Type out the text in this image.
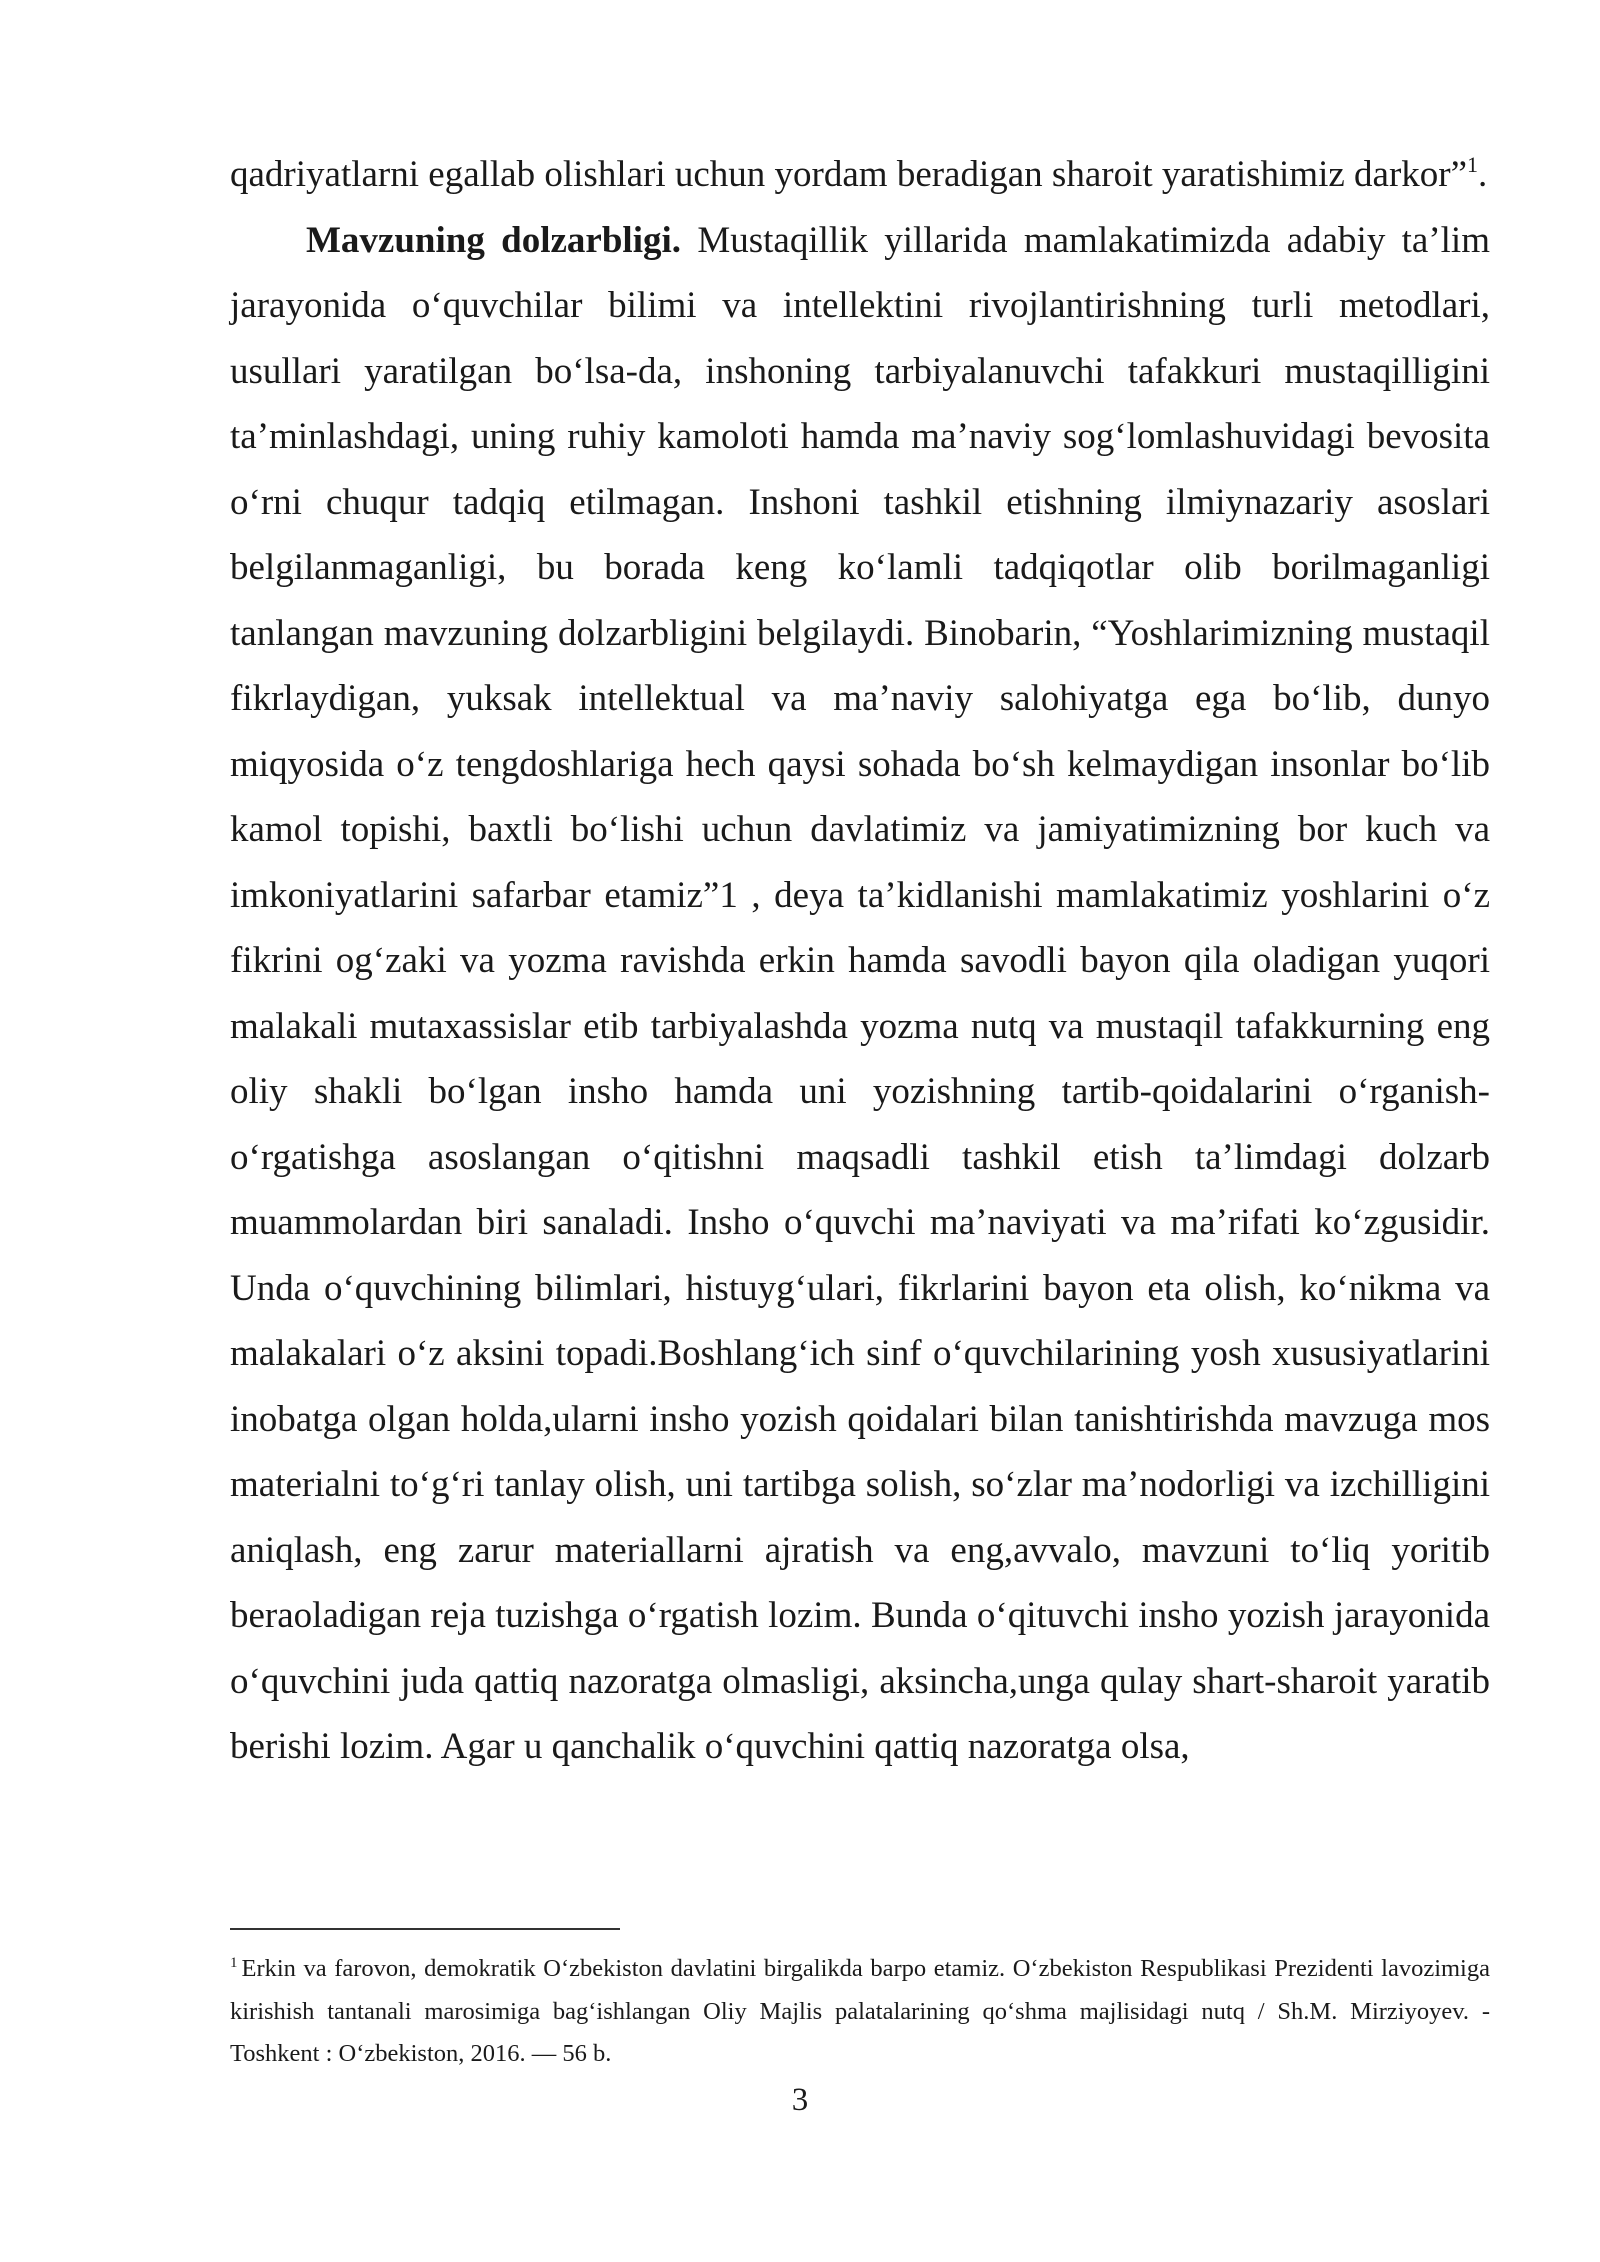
qadriyatlarni egallab olishlari uchun yordam beradigan sharoit yaratishimiz darkor”$^1$.

Mavzuning dolzarbligi. Mustaqillik yillarida mamlakatimizda adabiy ta’lim jarayonida o‘quvchilar bilimi va intellektini rivojlantirishning turli metodlari, usullari yaratilgan bo‘lsa-da, inshoning tarbiyalanuvchi tafakkuri mustaqilligini ta’minlashdagi, uning ruhiy kamoloti hamda ma’naviy sog‘lomlashuvidagi bevosita o‘rni chuqur tadqiq etilmagan. Inshoni tashkil etishning ilmiynazariy asoslari belgilanmaganligi, bu borada keng ko‘lamli tadqiqotlar olib borilmaganligi tanlangan mavzuning dolzarbligini belgilaydi. Binobarin, “Yoshlarimizning mustaqil fikrlaydigan, yuksak intellektual va ma’naviy salohiyatga ega bo‘lib, dunyo miqyosida o‘z tengdoshlariga hech qaysi sohada bo‘sh kelmaydigan insonlar bo‘lib kamol topishi, baxtli bo‘lishi uchun davlatimiz va jamiyatimizning bor kuch va imkoniyatlarini safarbar etamiz”1 , deya ta’kidlanishi mamlakatimiz yoshlarini o‘z fikrini og‘zaki va yozma ravishda erkin hamda savodli bayon qila oladigan yuqori malakali mutaxassislar etib tarbiyalashda yozma nutq va mustaqil tafakkurning eng oliy shakli bo‘lgan insho hamda uni yozishning tartib-qoidalarini o‘rganish-o‘rgatishga asoslangan o‘qitishni maqsadli tashkil etish ta’limdagi dolzarb muammolardan biri sanaladi. Insho o‘quvchi ma’naviyati va ma’rifati ko‘zgusidir. Unda o‘quvchining bilimlari, histuyg‘ulari, fikrlarini bayon eta olish, ko‘nikma va malakalari o‘z aksini topadi.Boshlang‘ich sinf o‘quvchilarining yosh xususiyatlarini inobatga olgan holda,ularni insho yozish qoidalari bilan tanishtirishda mavzuga mos materialni to‘g‘ri tanlay olish, uni tartibga solish, so‘zlar ma’nodorligi va izchilligini aniqlash, eng zarur materiallarni ajratish va eng,avvalo, mavzuni to‘liq yoritib beraoladigan reja tuzishga o‘rgatish lozim. Bunda o‘qituvchi insho yozish jarayonida o‘quvchini juda qattiq nazoratga olmasligi, aksincha,unga qulay shart-sharoit yaratib berishi lozim. Agar u qanchalik o‘quvchini qattiq nazoratga olsa,

$^1$ Erkin va farovon, demokratik O‘zbekiston davlatini birgalikda barpo etamiz. O‘zbekiston Respublikasi Prezidenti lavozimiga kirishish tantanali marosimiga bag‘ishlangan Oliy Majlis palatalarining qo‘shma majlisidagi nutq / Sh.M. Mirziyoyev. - Toshkent : O‘zbekiston, 2016. — 56 b.
3
